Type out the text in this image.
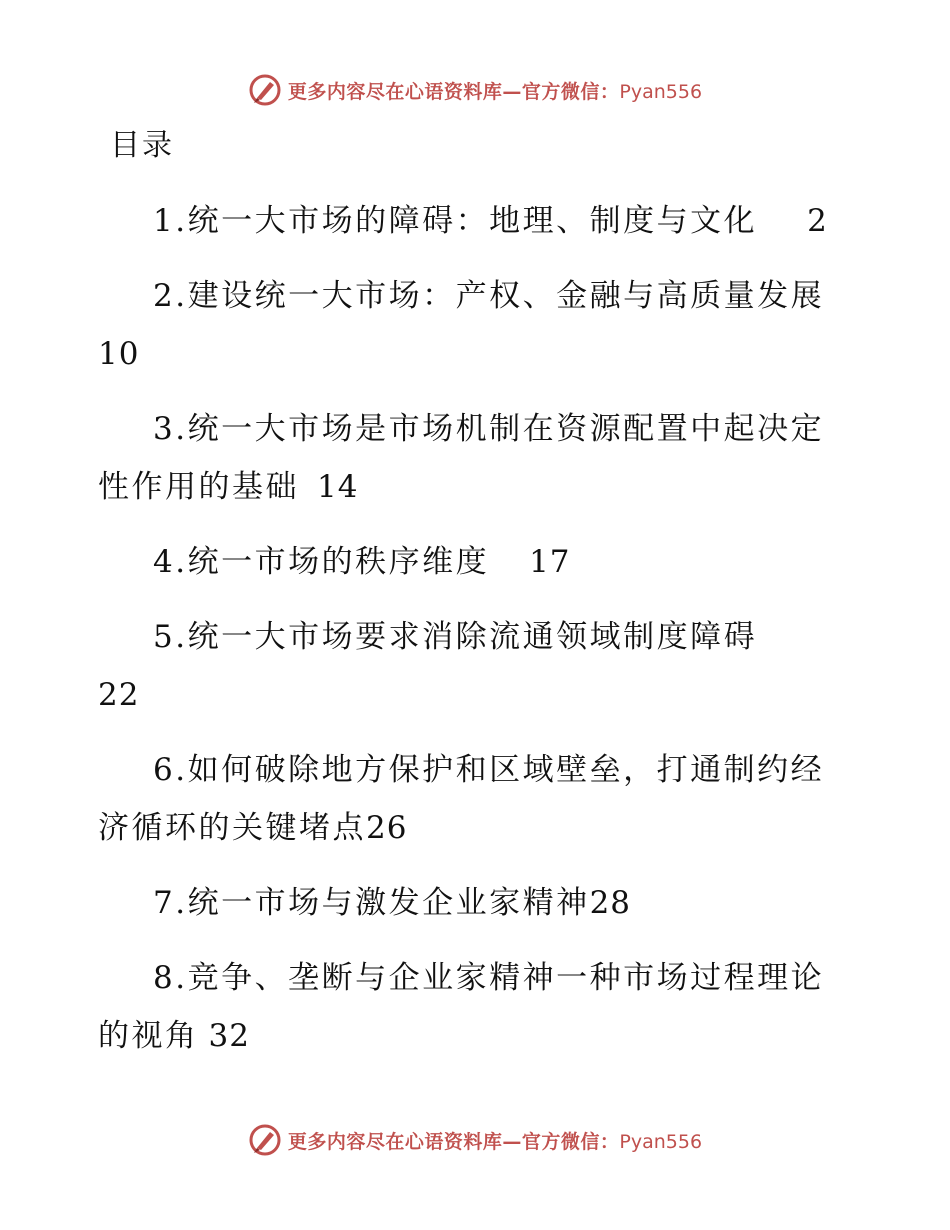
更多内容尽在心语资料库—官方微信：Pyan556
目录
1.统一大市场的障碍：地理、制度与文化 2
2.建设统一大市场：产权、金融与高质量发展
10
3.统一大市场是市场机制在资源配置中起决定性作用的基础 14
4.统一市场的秩序维度 17
5.统一大市场要求消除流通领域制度障碍
22
6.如何破除地方保护和区域壁垒，打通制约经济循环的关键堵点26
7.统一市场与激发企业家精神28
8.竞争、垄断与企业家精神一种市场过程理论的视角 32
更多内容尽在心语资料库—官方微信：Pyan556
